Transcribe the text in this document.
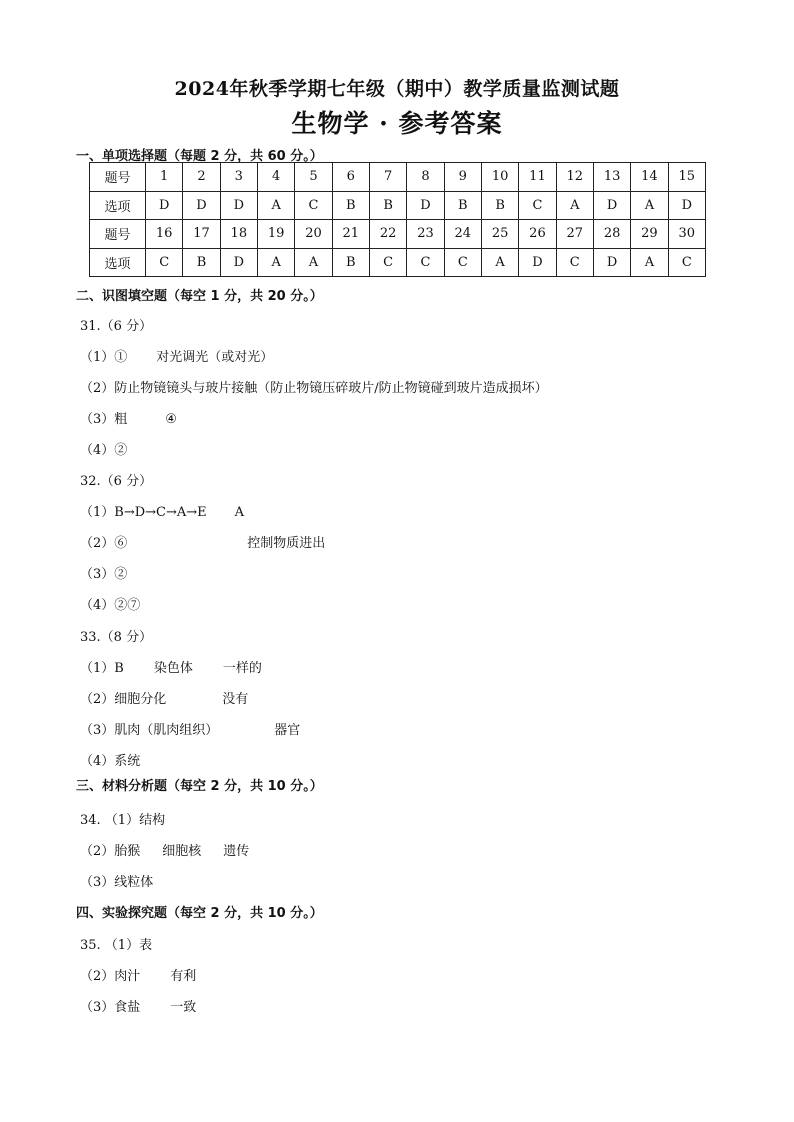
2024年秋季学期七年级（期中）教学质量监测试题
生物学 · 参考答案
一、单项选择题（每题 2 分，共 60 分。）
题号	1	2	3	4	5	6	7	8	9	10	11	12	13	14	15
选项	D	D	D	A	C	B	B	D	B	B	C	A	D	A	D
题号	16	17	18	19	20	21	22	23	24	25	26	27	28	29	30
选项	C	B	D	A	A	B	C	C	C	A	D	C	D	A	C
二、识图填空题（每空 1 分，共 20 分。）
31.（6 分）
（1）① 对光调光（或对光）
（2）防止物镜镜头与玻片接触（防止物镜压碎玻片/防止物镜碰到玻片造成损坏）
（3）粗	④
（4）②
32.（6 分）
（1）B→D→C→A→E A
（2）⑥	控制物质进出
（3）②
（4）②⑦
33.（8 分）
（1）B 染色体 一样的
（2）细胞分化	没有
（3）肌肉（肌肉组织）	器官
（4）系统
三、材料分析题（每空 2 分，共 10 分。）
34. （1）结构
（2）胎猴 细胞核 遗传
（3）线粒体
四、实验探究题（每空 2 分，共 10 分。）
35. （1）表
（2）肉汁 有利
（3）食盐 一致
